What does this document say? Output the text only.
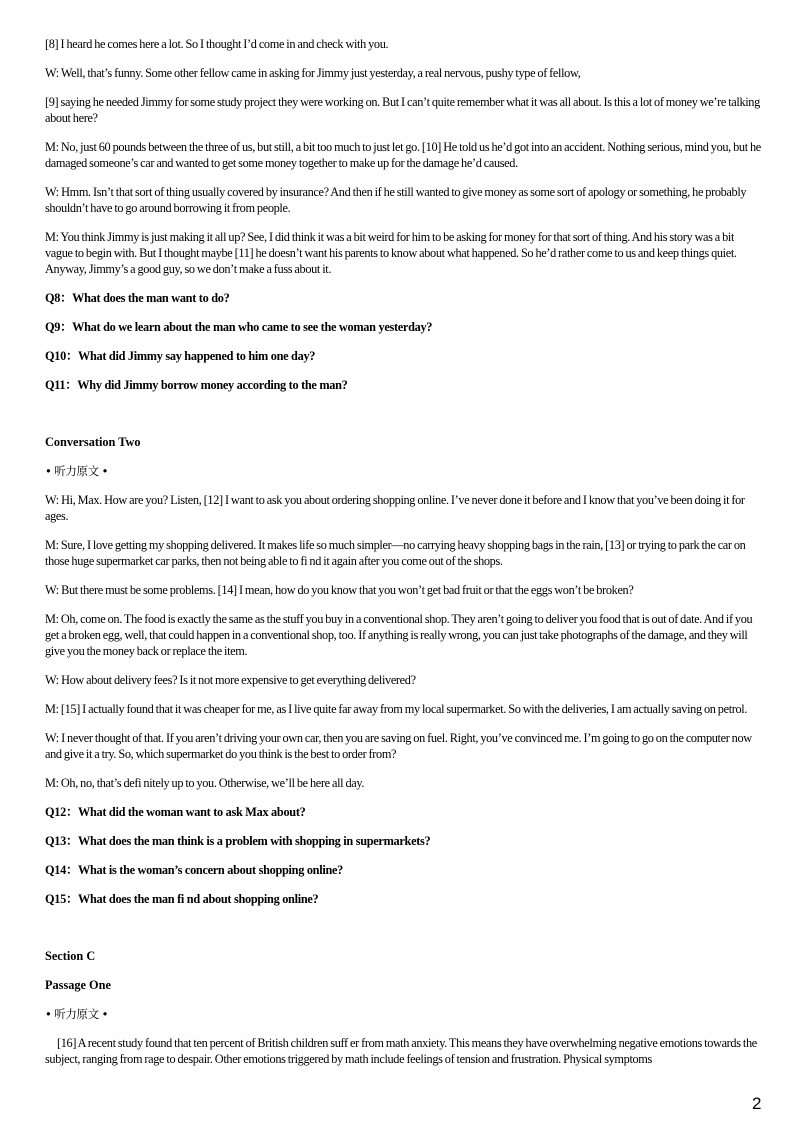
[8] I heard he comes here a lot. So I thought I’d come in and check with you.

W: Well, that’s funny. Some other fellow came in asking for Jimmy just yesterday, a real nervous, pushy type of fellow,

[9] saying he needed Jimmy for some study project they were working on. But I can’t quite remember what it was all about. Is this a lot of money we’re talking about here?

M: No, just 60 pounds between the three of us, but still, a bit too much to just let go. [10] He told us he’d got into an accident. Nothing serious, mind you, but he damaged someone’s car and wanted to get some money together to make up for the damage he’d caused.

W: Hmm. Isn’t that sort of thing usually covered by insurance? And then if he still wanted to give money as some sort of apology or something, he probably shouldn’t have to go around borrowing it from people.

M: You think Jimmy is just making it all up? See, I did think it was a bit weird for him to be asking for money for that sort of thing. And his story was a bit vague to begin with. But I thought maybe [11] he doesn’t want his parents to know about what happened. So he’d rather come to us and keep things quiet. Anyway, Jimmy’s a good guy, so we don’t make a fuss about it.

Q8：What does the man want to do?

Q9：What do we learn about the man who came to see the woman yesterday?

Q10：What did Jimmy say happened to him one day?

Q11：Why did Jimmy borrow money according to the man?

Conversation Two

• 听力原文 •

W: Hi, Max. How are you? Listen, [12] I want to ask you about ordering shopping online. I’ve never done it before and I know that you’ve been doing it for ages.

M: Sure, I love getting my shopping delivered. It makes life so much simpler—no carrying heavy shopping bags in the rain, [13] or trying to park the car on those huge supermarket car parks, then not being able to fi nd it again after you come out of the shops.

W: But there must be some problems. [14] I mean, how do you know that you won’t get bad fruit or that the eggs won’t be broken?

M: Oh, come on. The food is exactly the same as the stuff you buy in a conventional shop. They aren’t going to deliver you food that is out of date. And if you get a broken egg, well, that could happen in a conventional shop, too. If anything is really wrong, you can just take photographs of the damage, and they will give you the money back or replace the item.

W: How about delivery fees? Is it not more expensive to get everything delivered?

M: [15] I actually found that it was cheaper for me, as I live quite far away from my local supermarket. So with the deliveries, I am actually saving on petrol.

W: I never thought of that. If you aren’t driving your own car, then you are saving on fuel. Right, you’ve convinced me. I’m going to go on the computer now and give it a try. So, which supermarket do you think is the best to order from?

M: Oh, no, that’s defi nitely up to you. Otherwise, we’ll be here all day.

Q12：What did the woman want to ask Max about?

Q13：What does the man think is a problem with shopping in supermarkets?

Q14：What is the woman’s concern about shopping online?

Q15：What does the man fi nd about shopping online?

Section C

Passage One

• 听力原文 •

[16] A recent study found that ten percent of British children suff er from math anxiety. This means they have overwhelming negative emotions towards the subject, ranging from rage to despair. Other emotions triggered by math include feelings of tension and frustration. Physical symptoms

2
